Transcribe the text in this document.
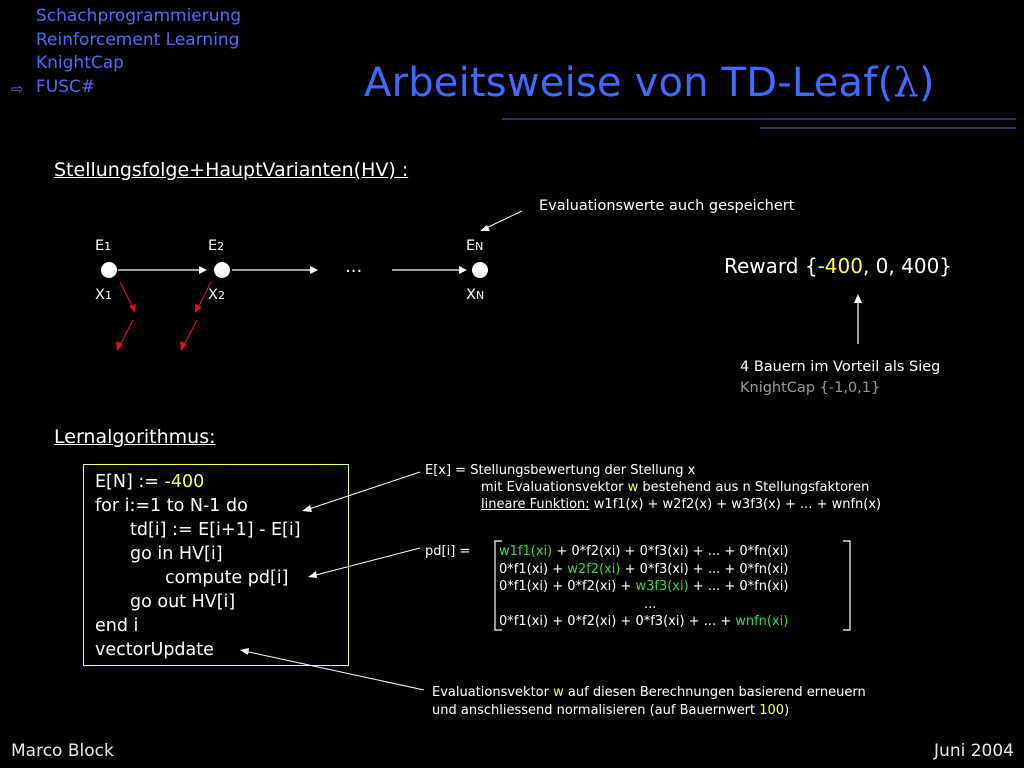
Schachprogrammierung
Reinforcement Learning
KnightCap
FUSC#
⇨	Arbeitsweise von TD-Leaf(λ)
Stellungsfolge+HauptVarianten(HV) :
Evaluationswerte auch gespeichert
E1	E2	EN
X1	X2	XN
...	Reward {-400, 0, 400}
4 Bauern im Vorteil als Sieg
KnightCap {-1,0,1}
Lernalgorithmus:
E[N] := -400
for i:=1 to N-1 do
td[i] := E[i+1] - E[i]
go in HV[i]
compute pd[i]
go out HV[i]
end i
vectorUpdate
E[x] = Stellungsbewertung der Stellung x
mit Evaluationsvektor w bestehend aus n Stellungsfaktoren
lineare Funktion: w1f1(x) + w2f2(x) + w3f3(x) + ... + wnfn(x)
pd[i] = w1f1(xi) + 0*f2(xi) + 0*f3(xi) + ... + 0*fn(xi)
0*f1(xi) + w2f2(xi) + 0*f3(xi) + ... + 0*fn(xi)
0*f1(xi) + 0*f2(xi) + w3f3(xi) + ... + 0*fn(xi)
...
0*f1(xi) + 0*f2(xi) + 0*f3(xi) + ... + wnfn(xi)
Evaluationsvektor w auf diesen Berechnungen basierend erneuern
und anschliessend normalisieren (auf Bauernwert 100)
Marco Block	Juni 2004
